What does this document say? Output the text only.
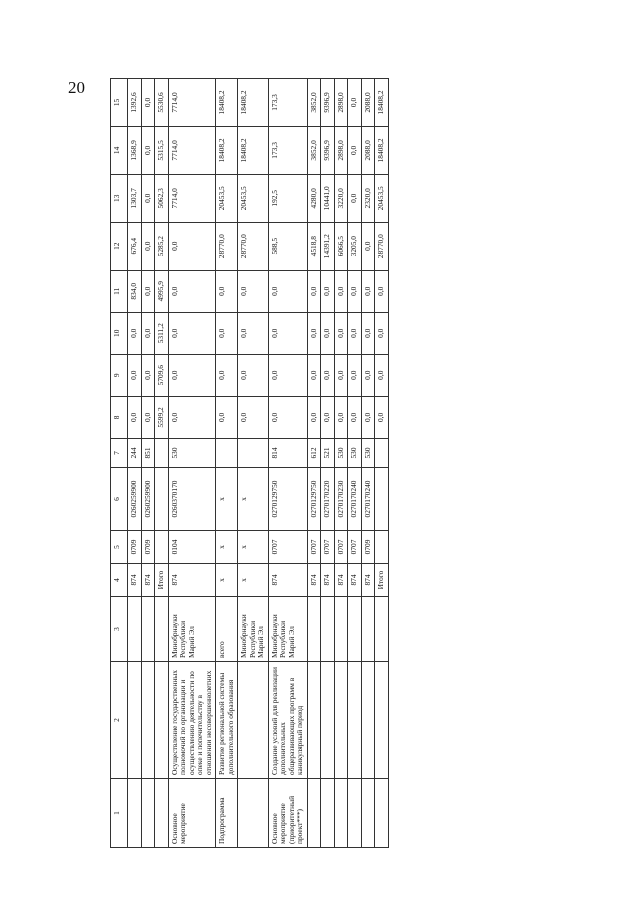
20
1	2	3	4	5	6	7	8	9	10	11	12	13	14	15
			874	0709	0260259900	244	0,0	0,0	0,0	834,0	676,4	1303,7	1368,9	1392,6
			874	0709	0260259900	851	0,0	0,0	0,0	0,0	0,0	0,0	0,0	0,0
			Итого				5599,2	5709,6	5311,2	4995,9	5285,2	5062,3	5315,5	5530,6
Основное мероприятие	Осуществление государственных полномочий по организации и осуществлению деятельности по опеке и попечительству в отношении несовершеннолетних	Минобрнауки Республики Марий Эл	874	0104	0260370170	530	0,0	0,0	0,0	0,0	0,0	7714,0	7714,0	7714,0
Подпрограмма	Развитие региональной системы дополнительного образования	всего	x	x	x		0,0	0,0	0,0	0,0	28770,0	20453,5	18408,2	18408,2
		Минобрнауки Республики Марий Эл	x	x	x		0,0	0,0	0,0	0,0	28770,0	20453,5	18408,2	18408,2
Основное мероприятие (приоритетный проект***)	Создание условий для реализации дополнительных общеразвивающих программ в каникулярный период	Минобрнауки Республики Марий Эл	874	0707	0270129750	814	0,0	0,0	0,0	0,0	588,5	192,5	173,3	173,3
			874	0707	0270129750	612	0,0	0,0	0,0	0,0	4518,8	4280,0	3852,0	3852,0
			874	0707	0270170220	521	0,0	0,0	0,0	0,0	14391,2	10441,0	9396,9	9396,9
			874	0707	0270170230	530	0,0	0,0	0,0	0,0	6066,5	3220,0	2898,0	2898,0
			874	0707	0270170240	530	0,0	0,0	0,0	0,0	3205,0	0,0	0,0	0,0
			874	0709	0270170240	530	0,0	0,0	0,0	0,0	0,0	2320,0	2088,0	2088,0
			Итого				0,0	0,0	0,0	0,0	28770,0	20453,5	18408,2	18408,2
